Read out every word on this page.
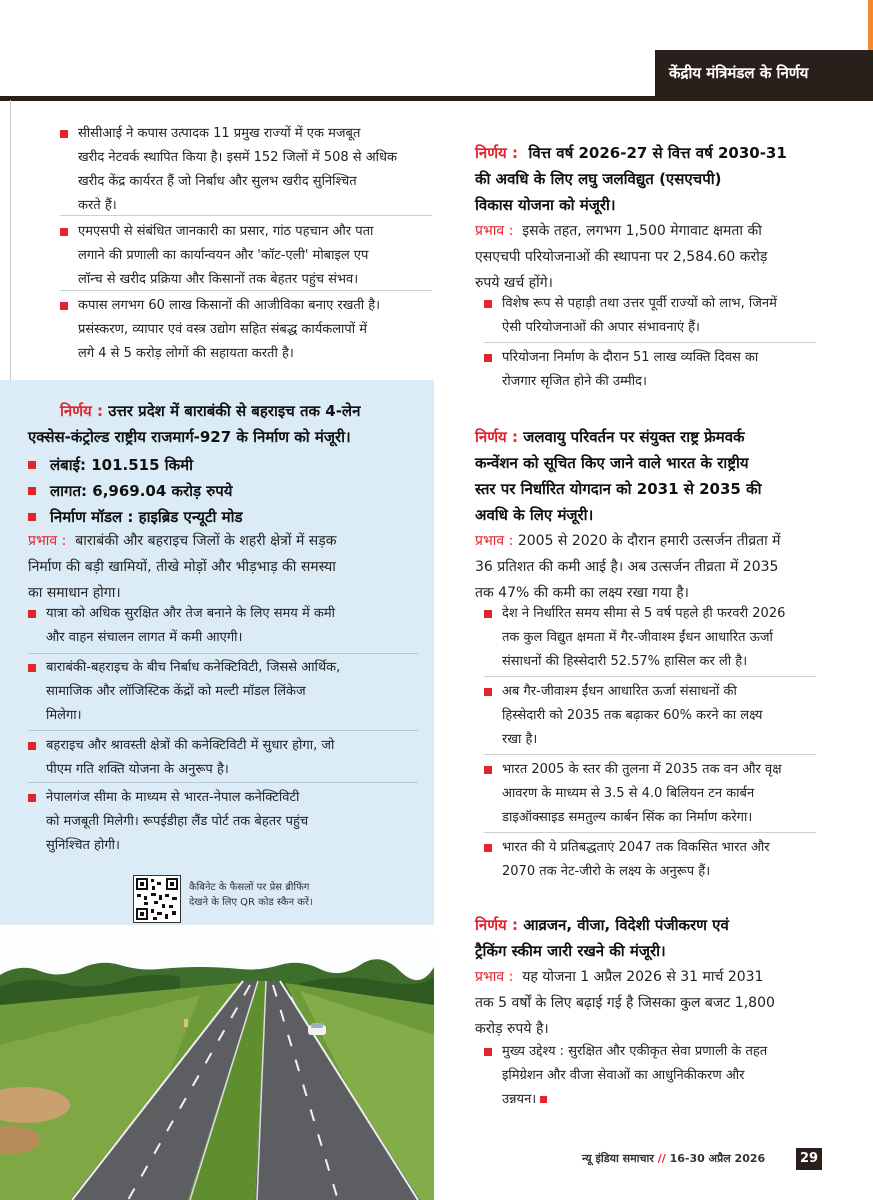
केंद्रीय मंत्रिमंडल के निर्णय
सीसीआई ने कपास उत्पादक 11 प्रमुख राज्यों में एक मजबूत
खरीद नेटवर्क स्थापित किया है। इसमें 152 जिलों में 508 से अधिक
खरीद केंद्र कार्यरत हैं जो निर्बाध और सुलभ खरीद सुनिश्चित
करते हैं।
एमएसपी से संबंधित जानकारी का प्रसार, गांठ पहचान और पता
लगाने की प्रणाली का कार्यान्वयन और 'कॉट-एली' मोबाइल एप
लॉन्च से खरीद प्रक्रिया और किसानों तक बेहतर पहुंच संभव।
कपास लगभग 60 लाख किसानों की आजीविका बनाए रखती है।
प्रसंस्करण, व्यापार एवं वस्त्र उद्योग सहित संबद्ध कार्यकलापों में
लगे 4 से 5 करोड़ लोगों की सहायता करती है।
निर्णय : उत्तर प्रदेश में बाराबंकी से बहराइच तक 4-लेन
एक्सेस-कंट्रोल्ड राष्ट्रीय राजमार्ग-927 के निर्माण को मंजूरी।
लंबाई: 101.515 किमी
लागत: 6,969.04 करोड़ रुपये
निर्माण मॉडल : हाइब्रिड एन्यूटी मोड
प्रभाव : बाराबंकी और बहराइच जिलों के शहरी क्षेत्रों में सड़क
निर्माण की बड़ी खामियों, तीखे मोड़ों और भीड़भाड़ की समस्या
का समाधान होगा।
यात्रा को अधिक सुरक्षित और तेज बनाने के लिए समय में कमी
और वाहन संचालन लागत में कमी आएगी।
बाराबंकी-बहराइच के बीच निर्बाध कनेक्टिविटी, जिससे आर्थिक,
सामाजिक और लॉजिस्टिक केंद्रों को मल्टी मॉडल लिंकेज
मिलेगा।
बहराइच और श्रावस्ती क्षेत्रों की कनेक्टिविटी में सुधार होगा, जो
पीएम गति शक्ति योजना के अनुरूप है।
नेपालगंज सीमा के माध्यम से भारत-नेपाल कनेक्टिविटी
को मजबूती मिलेगी। रूपईडीहा लैंड पोर्ट तक बेहतर पहुंच
सुनिश्चित होगी।
कैबिनेट के फैसलों पर प्रेस ब्रीफिंग
देखने के लिए QR कोड स्कैन करें।
निर्णय : वित्त वर्ष 2026-27 से वित्त वर्ष 2030-31
की अवधि के लिए लघु जलविद्युत (एसएचपी)
विकास योजना को मंजूरी।
प्रभाव : इसके तहत, लगभग 1,500 मेगावाट क्षमता की
एसएचपी परियोजनाओं की स्थापना पर 2,584.60 करोड़
रुपये खर्च होंगे।
विशेष रूप से पहाड़ी तथा उत्तर पूर्वी राज्यों को लाभ, जिनमें
ऐसी परियोजनाओं की अपार संभावनाएं हैं।
परियोजना निर्माण के दौरान 51 लाख व्यक्ति दिवस का
रोजगार सृजित होने की उम्मीद।
निर्णय : जलवायु परिवर्तन पर संयुक्त राष्ट्र फ्रेमवर्क
कन्वेंशन को सूचित किए जाने वाले भारत के राष्ट्रीय
स्तर पर निर्धारित योगदान को 2031 से 2035 की
अवधि के लिए मंजूरी।
प्रभाव : 2005 से 2020 के दौरान हमारी उत्सर्जन तीव्रता में
36 प्रतिशत की कमी आई है। अब उत्सर्जन तीव्रता में 2035
तक 47% की कमी का लक्ष्य रखा गया है।
देश ने निर्धारित समय सीमा से 5 वर्ष पहले ही फरवरी 2026
तक कुल विद्युत क्षमता में गैर-जीवाश्म ईंधन आधारित ऊर्जा
संसाधनों की हिस्सेदारी 52.57% हासिल कर ली है।
अब गैर-जीवाश्म ईंधन आधारित ऊर्जा संसाधनों की
हिस्सेदारी को 2035 तक बढ़ाकर 60% करने का लक्ष्य
रखा है।
भारत 2005 के स्तर की तुलना में 2035 तक वन और वृक्ष
आवरण के माध्यम से 3.5 से 4.0 बिलियन टन कार्बन
डाइऑक्साइड समतुल्य कार्बन सिंक का निर्माण करेगा।
भारत की ये प्रतिबद्धताएं 2047 तक विकसित भारत और
2070 तक नेट-जीरो के लक्ष्य के अनुरूप हैं।
निर्णय : आव्रजन, वीजा, विदेशी पंजीकरण एवं
ट्रैकिंग स्कीम जारी रखने की मंजूरी।
प्रभाव : यह योजना 1 अप्रैल 2026 से 31 मार्च 2031
तक 5 वर्षों के लिए बढ़ाई गई है जिसका कुल बजट 1,800
करोड़ रुपये है।
मुख्य उद्देश्य : सुरक्षित और एकीकृत सेवा प्रणाली के तहत
इमिग्रेशन और वीजा सेवाओं का आधुनिकीकरण और
उन्नयन।
न्यू इंडिया समाचार // 16-30 अप्रैल 2026	29
